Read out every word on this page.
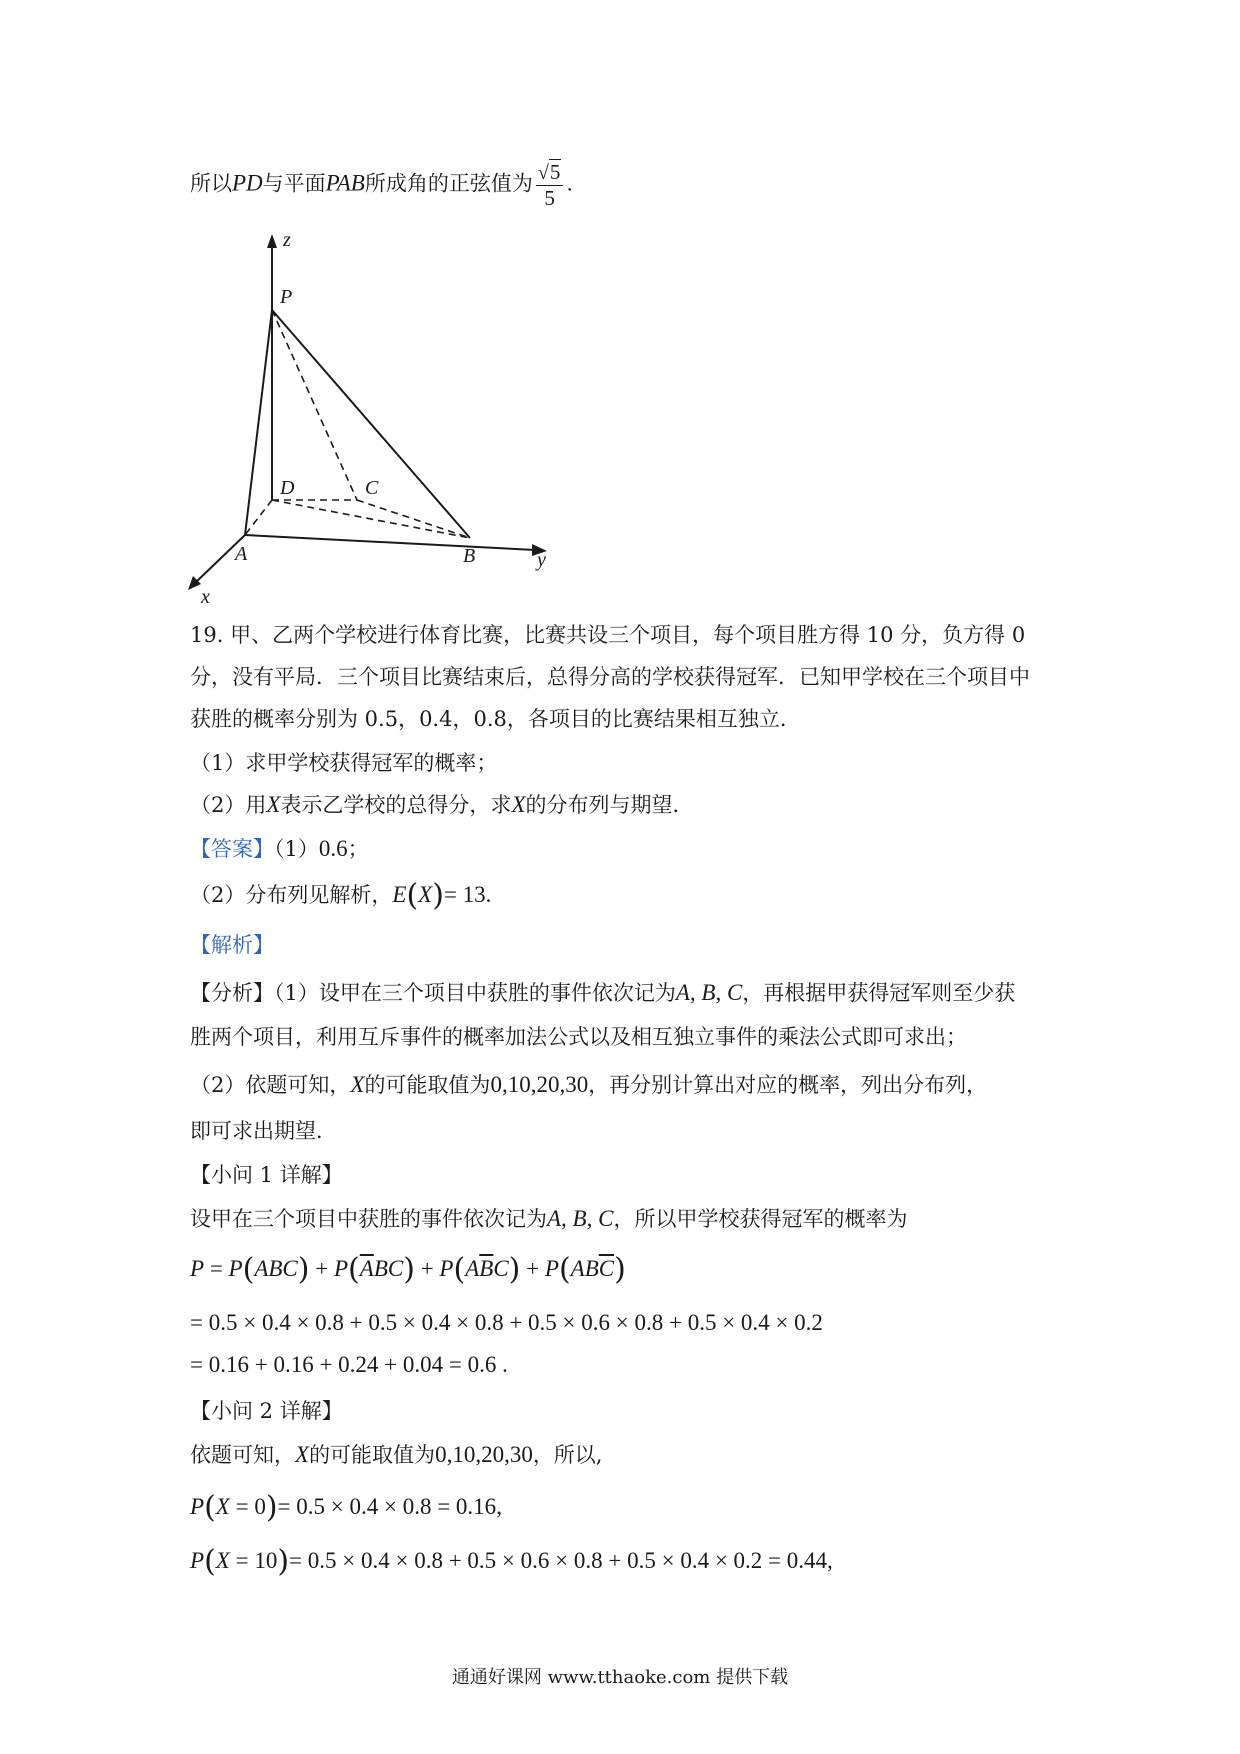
所以PD与平面PAB所成角的正弦值为 $\frac{√5}{5}$ .
z
P
D	C
A	B	y
x
19. 甲、乙两个学校进行体育比赛，比赛共设三个项目，每个项目胜方得 10 分，负方得 0
分，没有平局．三个项目比赛结束后，总得分高的学校获得冠军．已知甲学校在三个项目中
获胜的概率分别为 0.5，0.4，0.8，各项目的比赛结果相互独立．
（1）求甲学校获得冠军的概率；
（2）用X表示乙学校的总得分，求X的分布列与期望．
【答案】（1）0.6；
（2）分布列见解析，E(X)= 13.
【解析】
【分析】（1）设甲在三个项目中获胜的事件依次记为A, B, C，再根据甲获得冠军则至少获
胜两个项目，利用互斥事件的概率加法公式以及相互独立事件的乘法公式即可求出；
（2）依题可知，X的可能取值为0,10,20,30，再分别计算出对应的概率，列出分布列，
即可求出期望．
【小问 1 详解】
设甲在三个项目中获胜的事件依次记为A, B, C，所以甲学校获得冠军的概率为
$P = P(ABC) + P(\overline{A}BC) + P(A\overline{B}C) + P(AB\overline{C})$
= 0.5 × 0.4 × 0.8 + 0.5 × 0.4 × 0.8 + 0.5 × 0.6 × 0.8 + 0.5 × 0.4 × 0.2
= 0.16 + 0.16 + 0.24 + 0.04 = 0.6 .
【小问 2 详解】
依题可知，X的可能取值为0,10,20,30，所以,
P(X = 0)= 0.5 × 0.4 × 0.8 = 0.16,
P(X = 10)= 0.5 × 0.4 × 0.8 + 0.5 × 0.6 × 0.8 + 0.5 × 0.4 × 0.2 = 0.44,
通通好课网 www.tthaoke.com 提供下载
